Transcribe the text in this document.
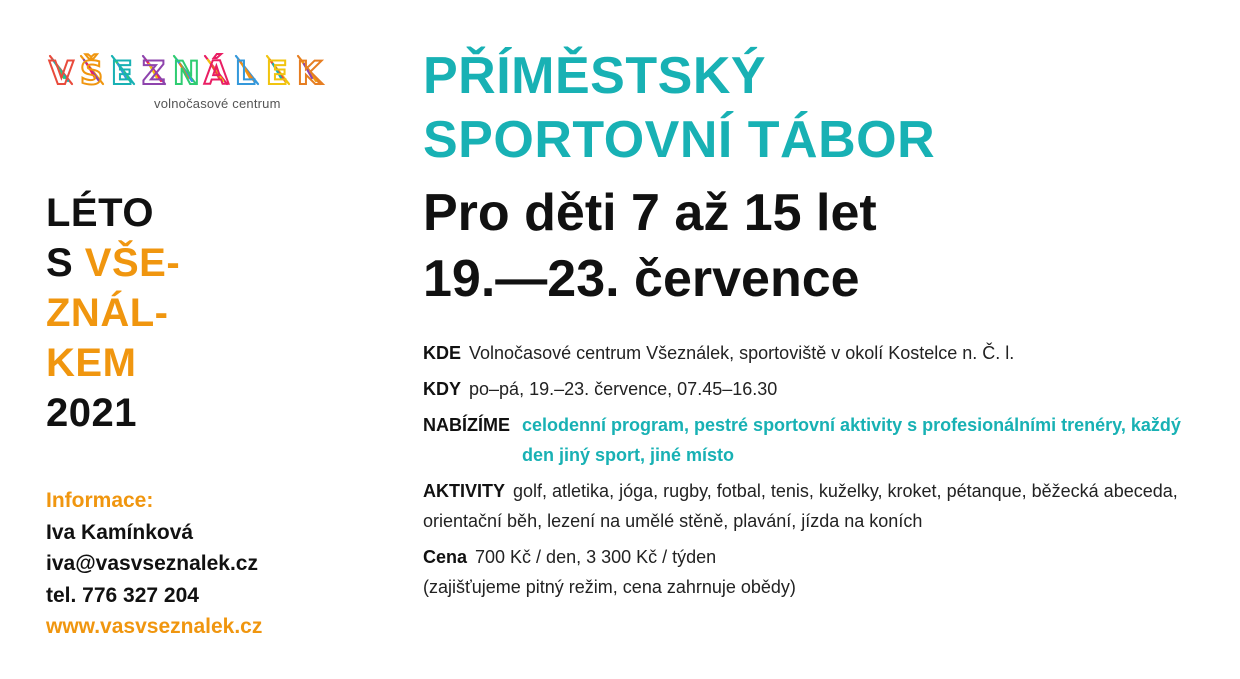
V Š E Z N Á L E K
volnočasové centrum
LÉTO
S VŠE-
ZNÁL-
KEM
2021
Informace:
Iva Kamínková
iva@vasvseznalek.cz
tel. 776 327 204
www.vasvseznalek.cz
PŘÍMĚSTSKÝ
SPORTOVNÍ TÁBOR
Pro děti 7 až 15 let
19.—23. července
KDE Volnočasové centrum Všeználek, sportoviště v okolí Kostelce n. Č. l.
KDY po–pá, 19.–23. července, 07.45–16.30
NABÍZÍME celodenní program, pestré sportovní aktivity s profesionálními trenéry, každý den jiný sport, jiné místo
AKTIVITY golf, atletika, jóga, rugby, fotbal, tenis, kuželky, kroket, pétanque, běžecká abeceda, orientační běh, lezení na umělé stěně, plavání, jízda na koních
Cena 700 Kč / den, 3 300 Kč / týden
(zajišťujeme pitný režim, cena zahrnuje obědy)
